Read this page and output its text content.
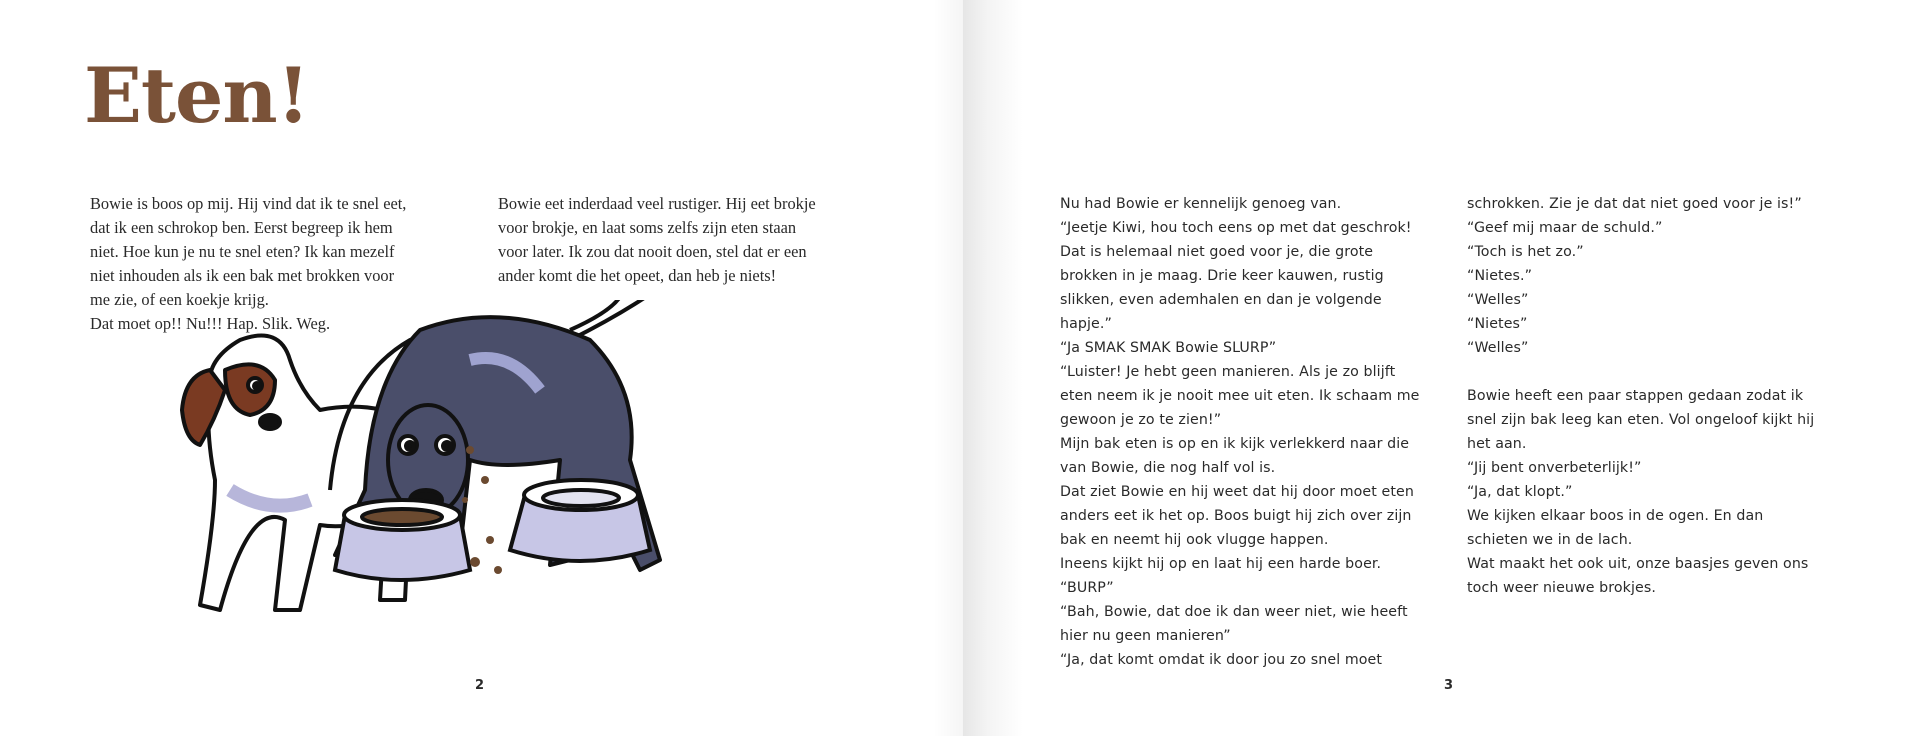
Eten!
Bowie is boos op mij. Hij vind dat ik te snel eet,
dat ik een schrokop ben. Eerst begreep ik hem
niet. Hoe kun je nu te snel eten? Ik kan mezelf
niet inhouden als ik een bak met brokken voor
me zie, of een koekje krijg.
Dat moet op!! Nu!!! Hap. Slik. Weg.
Bowie eet inderdaad veel rustiger. Hij eet brokje
voor brokje, en laat soms zelfs zijn eten staan
voor later. Ik zou dat nooit doen, stel dat er een
ander komt die het opeet, dan heb je niets!
2
Nu had Bowie er kennelijk genoeg van.
“Jeetje Kiwi, hou toch eens op met dat geschrok!
Dat is helemaal niet goed voor je, die grote
brokken in je maag. Drie keer kauwen, rustig
slikken, even ademhalen en dan je volgende
hapje.”
“Ja SMAK SMAK Bowie SLURP”
“Luister! Je hebt geen manieren. Als je zo blijft
eten neem ik je nooit mee uit eten. Ik schaam me
gewoon je zo te zien!”
Mijn bak eten is op en ik kijk verlekkerd naar die
van Bowie, die nog half vol is.
Dat ziet Bowie en hij weet dat hij door moet eten
anders eet ik het op. Boos buigt hij zich over zijn
bak en neemt hij ook vlugge happen.
Ineens kijkt hij op en laat hij een harde boer.
“BURP”
“Bah, Bowie, dat doe ik dan weer niet, wie heeft
hier nu geen manieren”
“Ja, dat komt omdat ik door jou zo snel moet
schrokken. Zie je dat dat niet goed voor je is!”
“Geef mij maar de schuld.”
“Toch is het zo.”
“Nietes.”
“Welles”
“Nietes”
“Welles”
Bowie heeft een paar stappen gedaan zodat ik
snel zijn bak leeg kan eten. Vol ongeloof kijkt hij
het aan.
“Jij bent onverbeterlijk!”
“Ja, dat klopt.”
We kijken elkaar boos in de ogen. En dan
schieten we in de lach.
Wat maakt het ook uit, onze baasjes geven ons
toch weer nieuwe brokjes.
3
